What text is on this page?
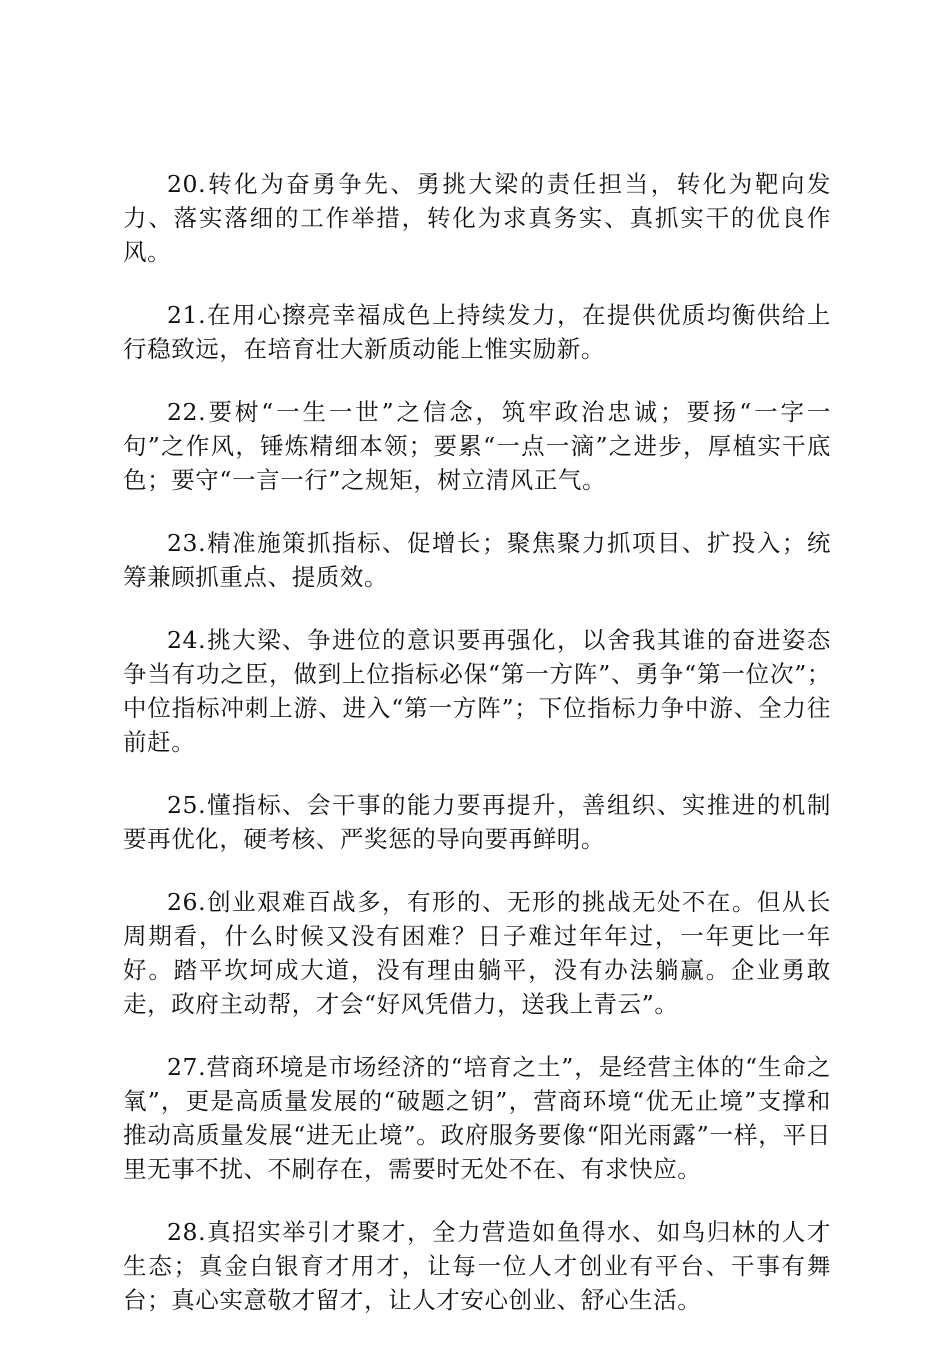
20.转化为奋勇争先、勇挑大梁的责任担当，转化为靶向发力、落实落细的工作举措，转化为求真务实、真抓实干的优良作风。

21.在用心擦亮幸福成色上持续发力，在提供优质均衡供给上行稳致远，在培育壮大新质动能上惟实励新。

22.要树“一生一世”之信念，筑牢政治忠诚；要扬“一字一句”之作风，锤炼精细本领；要累“一点一滴”之进步，厚植实干底色；要守“一言一行”之规矩，树立清风正气。

23.精准施策抓指标、促增长；聚焦聚力抓项目、扩投入；统筹兼顾抓重点、提质效。

24.挑大梁、争进位的意识要再强化，以舍我其谁的奋进姿态争当有功之臣，做到上位指标必保“第一方阵”、勇争“第一位次”；中位指标冲刺上游、进入“第一方阵”；下位指标力争中游、全力往前赶。

25.懂指标、会干事的能力要再提升，善组织、实推进的机制要再优化，硬考核、严奖惩的导向要再鲜明。

26.创业艰难百战多，有形的、无形的挑战无处不在。但从长周期看，什么时候又没有困难？日子难过年年过，一年更比一年好。踏平坎坷成大道，没有理由躺平，没有办法躺赢。企业勇敢走，政府主动帮，才会“好风凭借力，送我上青云”。

27.营商环境是市场经济的“培育之土”，是经营主体的“生命之氧”，更是高质量发展的“破题之钥”，营商环境“优无止境”支撑和推动高质量发展“进无止境”。政府服务要像“阳光雨露”一样，平日里无事不扰、不刷存在，需要时无处不在、有求快应。

28.真招实举引才聚才，全力营造如鱼得水、如鸟归林的人才生态；真金白银育才用才，让每一位人才创业有平台、干事有舞台；真心实意敬才留才，让人才安心创业、舒心生活。
